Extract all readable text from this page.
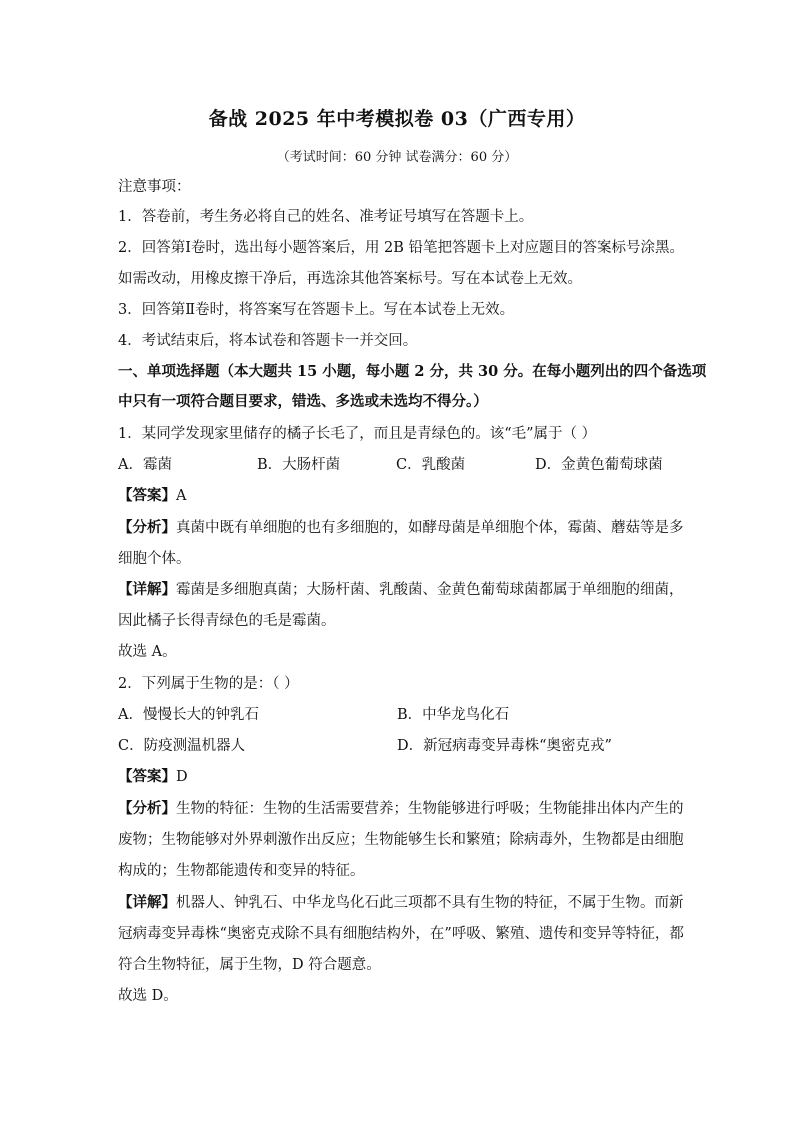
备战 2025 年中考模拟卷 03（广西专用）
（考试时间：60 分钟 试卷满分：60 分）
注意事项：
1．答卷前，考生务必将自己的姓名、准考证号填写在答题卡上。
2．回答第Ⅰ卷时，选出每小题答案后，用 2B 铅笔把答题卡上对应题目的答案标号涂黑。
如需改动，用橡皮擦干净后，再选涂其他答案标号。写在本试卷上无效。
3．回答第Ⅱ卷时，将答案写在答题卡上。写在本试卷上无效。
4．考试结束后，将本试卷和答题卡一并交回。
一、单项选择题（本大题共 15 小题，每小题 2 分，共 30 分。在每小题列出的四个备选项
中只有一项符合题目要求，错选、多选或未选均不得分。）
1．某同学发现家里储存的橘子长毛了，而且是青绿色的。该“毛”属于（ ）
A．霉菌	B．大肠杆菌	C．乳酸菌	D．金黄色葡萄球菌
【答案】A
【分析】真菌中既有单细胞的也有多细胞的，如酵母菌是单细胞个体，霉菌、蘑菇等是多
细胞个体。
【详解】霉菌是多细胞真菌；大肠杆菌、乳酸菌、金黄色葡萄球菌都属于单细胞的细菌，
因此橘子长得青绿色的毛是霉菌。
故选 A。
2．下列属于生物的是：（ ）
A．慢慢长大的钟乳石	B．中华龙鸟化石
C．防疫测温机器人	D．新冠病毒变异毒株“奥密克戎”
【答案】D
【分析】生物的特征：生物的生活需要营养；生物能够进行呼吸；生物能排出体内产生的
废物；生物能够对外界刺激作出反应；生物能够生长和繁殖；除病毒外，生物都是由细胞
构成的；生物都能遗传和变异的特征。
【详解】机器人、钟乳石、中华龙鸟化石此三项都不具有生物的特征，不属于生物。而新
冠病毒变异毒株“奥密克戎除不具有细胞结构外，在”呼吸、繁殖、遗传和变异等特征，都
符合生物特征，属于生物，D 符合题意。
故选 D。
